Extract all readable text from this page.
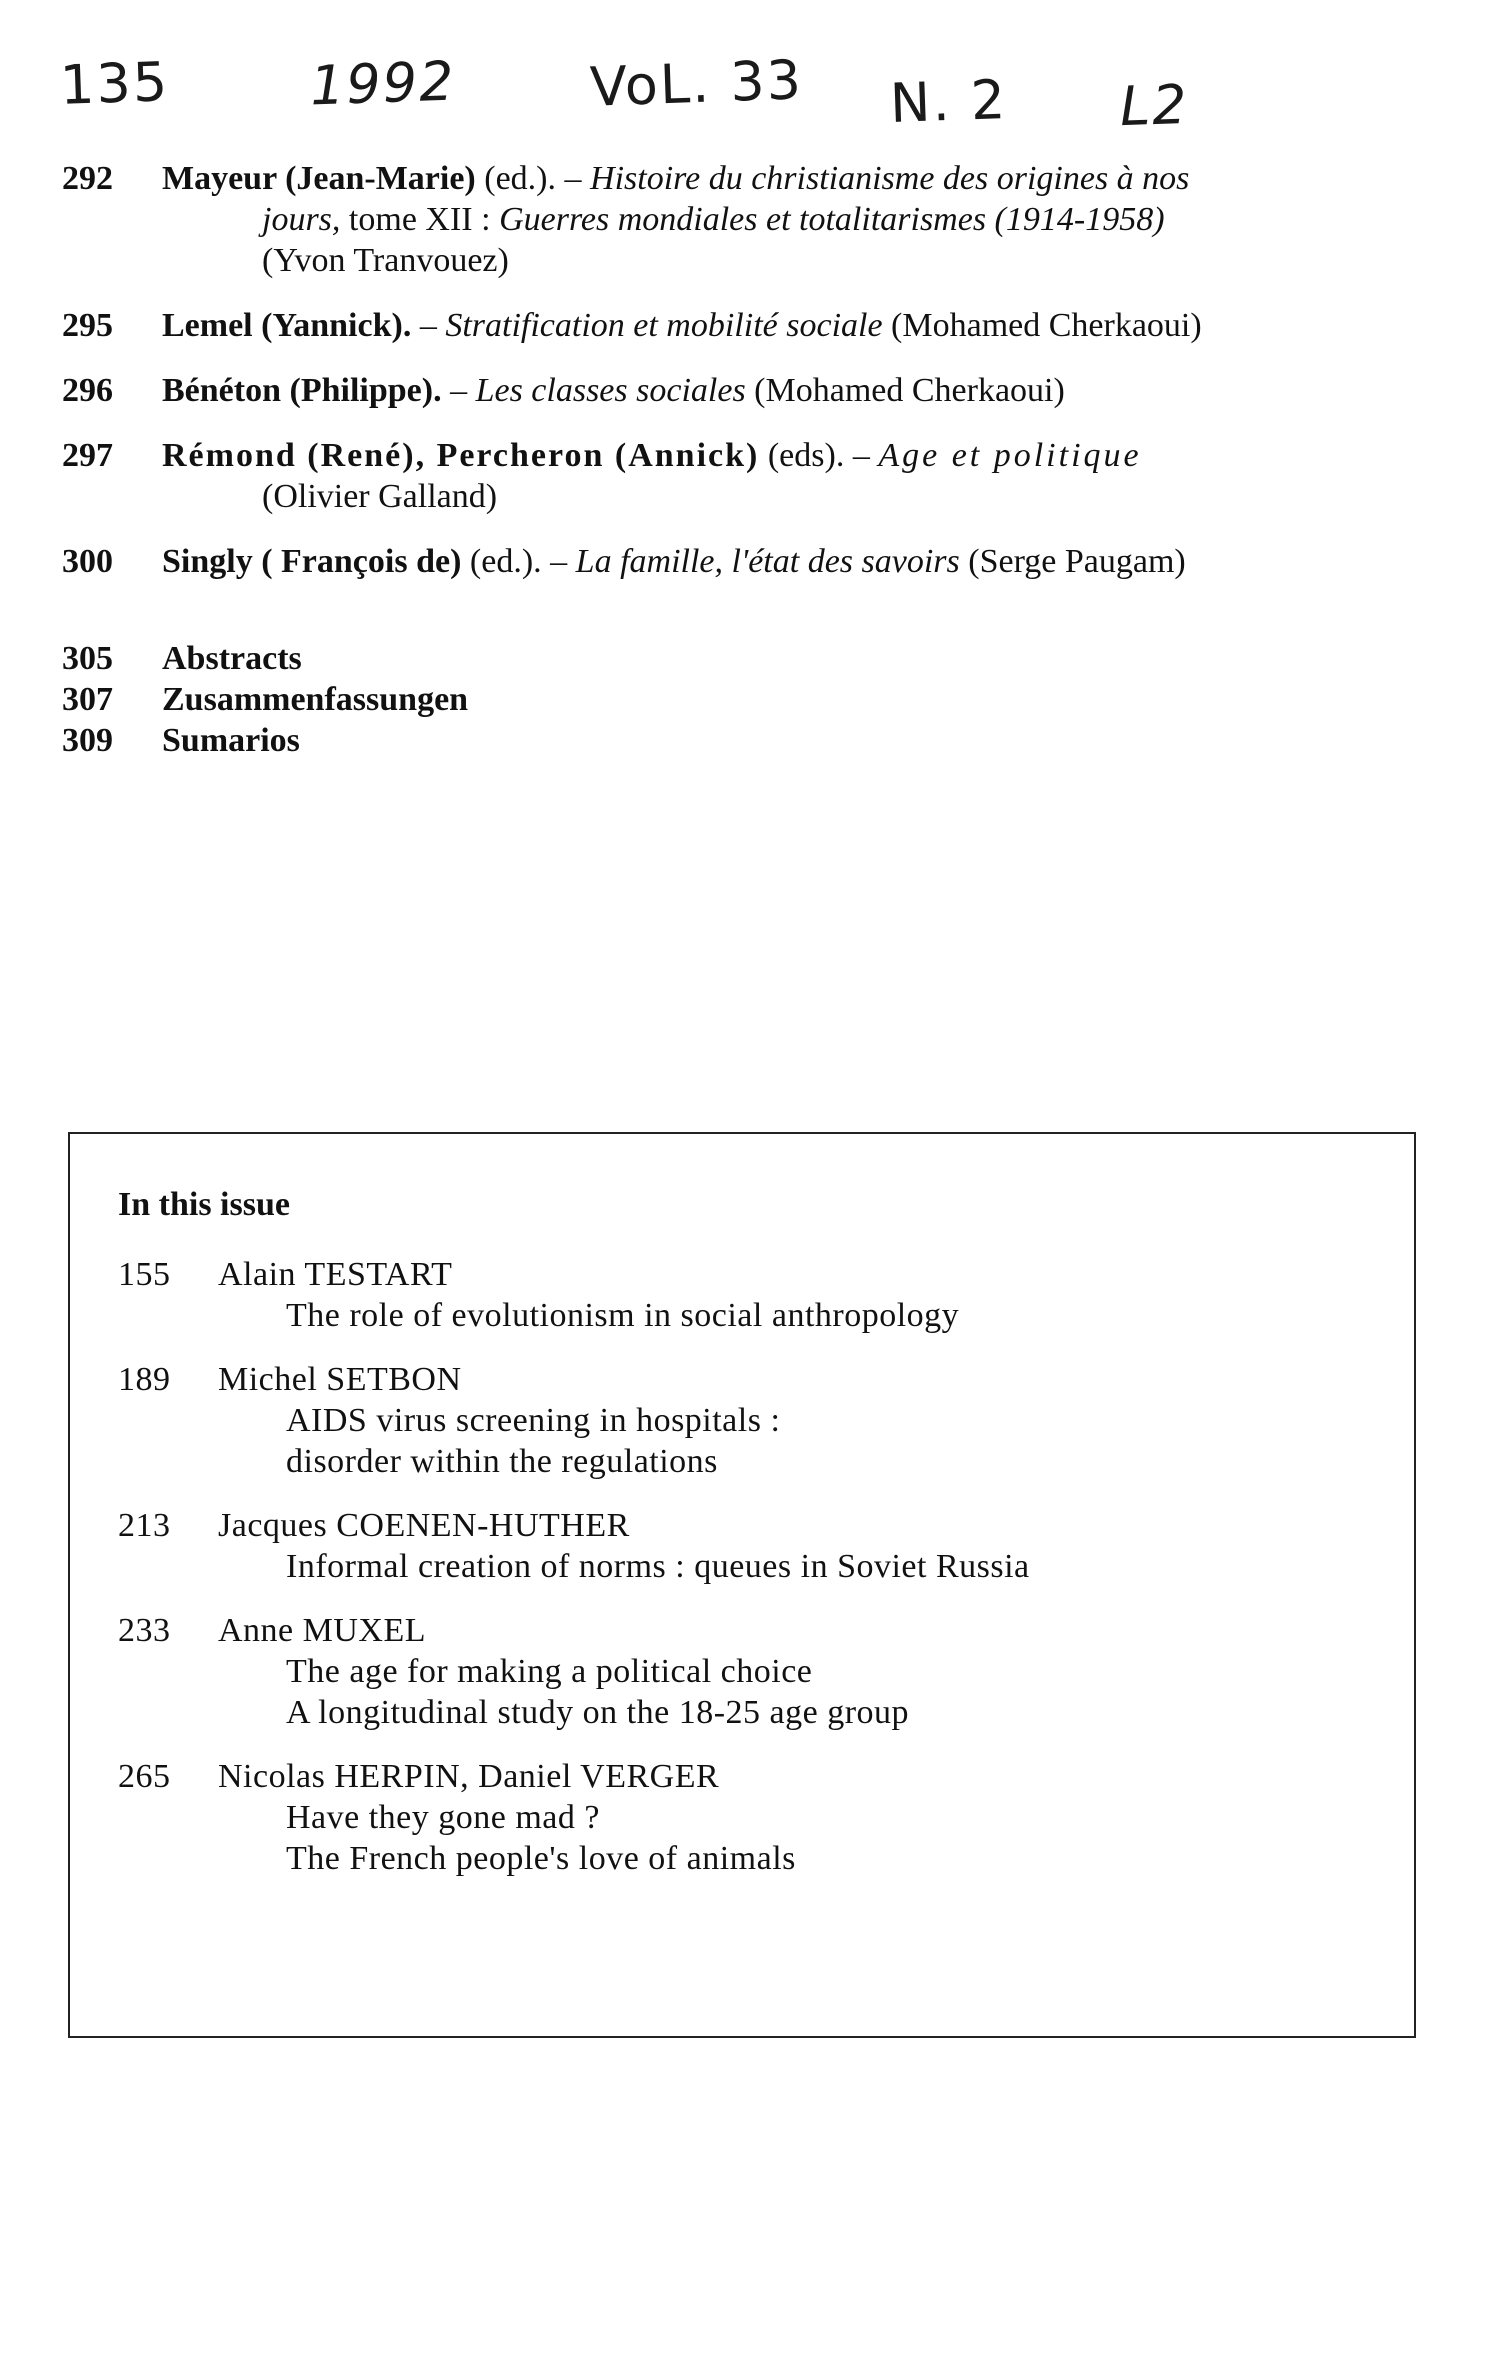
135	1992 VoL. 33 N. 2 L2
292	Mayeur (Jean-Marie) (ed.). – Histoire du christianisme des origines à nos
jours, tome XII : Guerres mondiales et totalitarismes (1914-1958)
(Yvon Tranvouez)
295	Lemel (Yannick). – Stratification et mobilité sociale (Mohamed Cherkaoui)
296	Bénéton (Philippe). – Les classes sociales (Mohamed Cherkaoui)
297	Rémond (René), Percheron (Annick) (eds). – Age et politique
(Olivier Galland)
300	Singly ( François de) (ed.). – La famille, l'état des savoirs (Serge Paugam)
305	Abstracts
307	Zusammenfassungen
309	Sumarios
In this issue
155	Alain TESTART
The role of evolutionism in social anthropology
189	Michel SETBON
AIDS virus screening in hospitals :
disorder within the regulations
213	Jacques COENEN-HUTHER
Informal creation of norms : queues in Soviet Russia
233	Anne MUXEL
The age for making a political choice
A longitudinal study on the 18-25 age group
265	Nicolas HERPIN, Daniel VERGER
Have they gone mad ?
The French people's love of animals
